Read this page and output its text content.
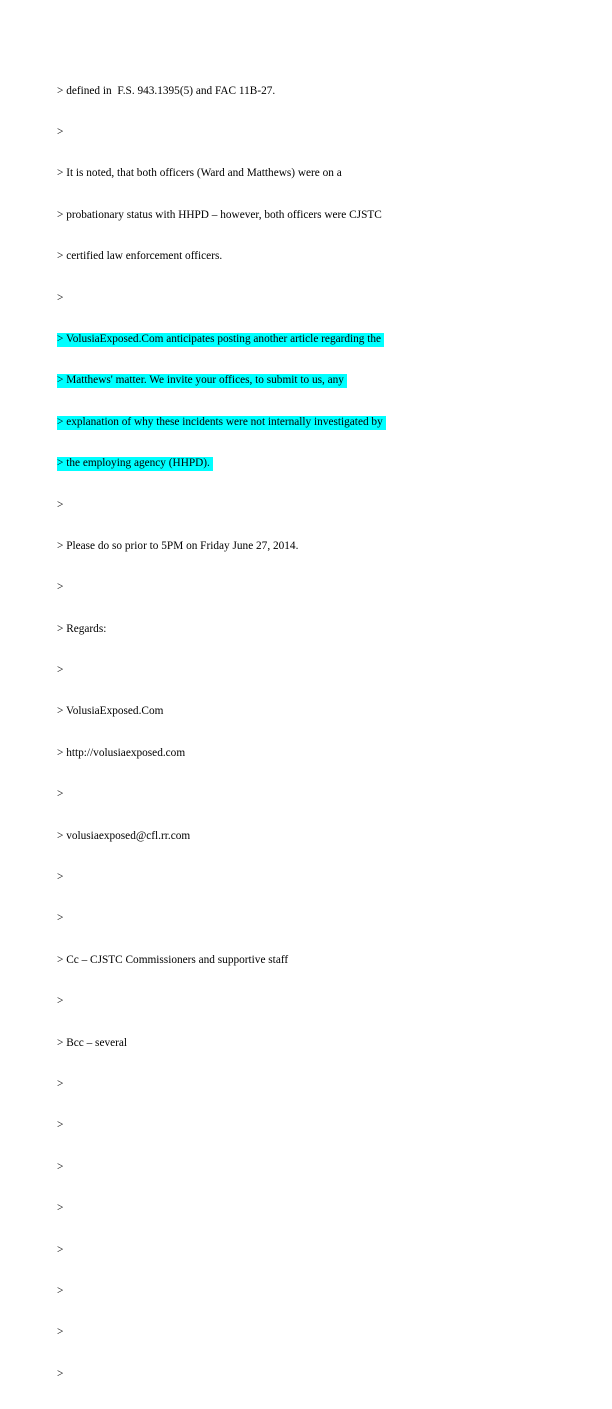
> defined in  F.S. 943.1395(5) and FAC 11B-27.

>

> It is noted, that both officers (Ward and Matthews) were on a

> probationary status with HHPD – however, both officers were CJSTC

> certified law enforcement officers.

>

> VolusiaExposed.Com anticipates posting another article regarding the

> Matthews' matter. We invite your offices, to submit to us, any

> explanation of why these incidents were not internally investigated by

> the employing agency (HHPD).

>

> Please do so prior to 5PM on Friday June 27, 2014.

>

> Regards:

>

> VolusiaExposed.Com

> http://volusiaexposed.com

>

> volusiaexposed@cfl.rr.com

>

>

> Cc – CJSTC Commissioners and supportive staff

>

> Bcc – several

>

>

>

>

>

>

>

>
